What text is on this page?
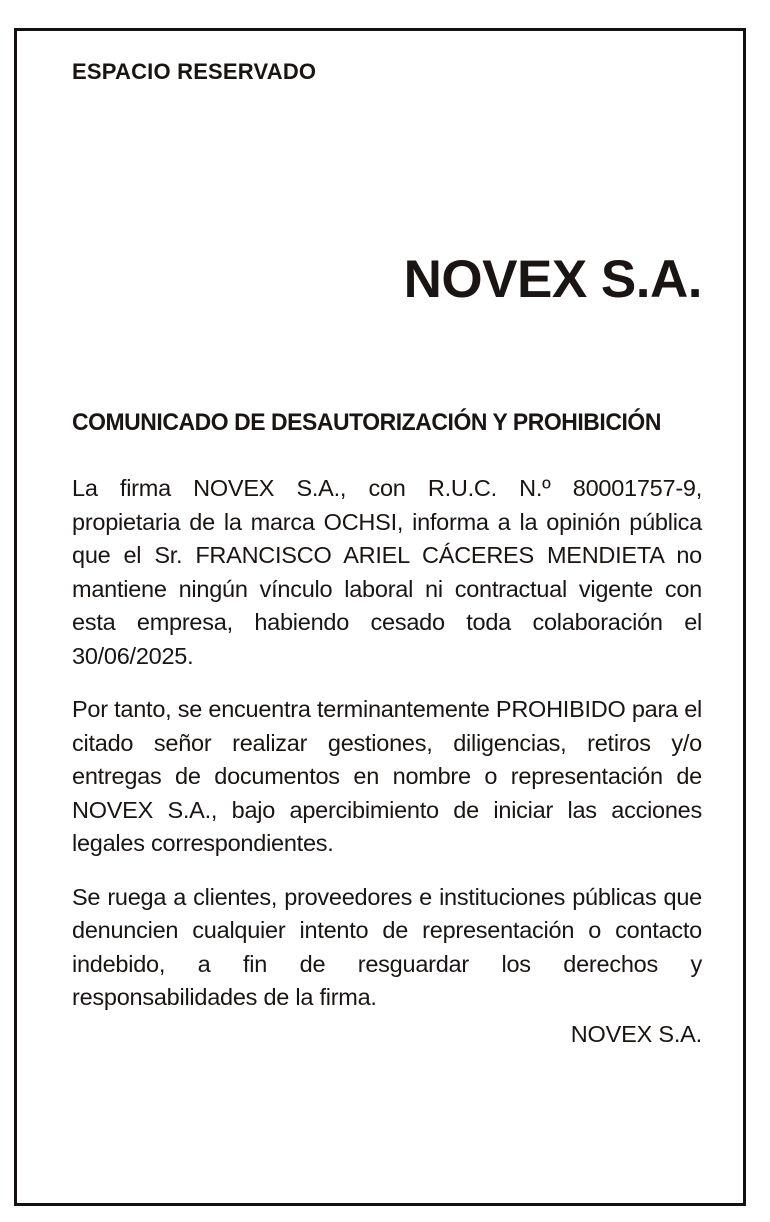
ESPACIO RESERVADO
NOVEX S.A.
COMUNICADO DE DESAUTORIZACIÓN Y PROHIBICIÓN

La firma NOVEX S.A., con R.U.C. N.º 80001757-9, propietaria de la marca OCHSI, informa a la opinión pública que el Sr. FRANCISCO ARIEL CÁCERES MENDIETA no mantiene ningún vínculo laboral ni contractual vigente con esta empresa, habiendo cesado toda colaboración el 30/06/2025.

Por tanto, se encuentra terminantemente PROHIBIDO para el citado señor realizar gestiones, diligencias, retiros y/o entregas de documentos en nombre o representación de NOVEX S.A., bajo apercibimiento de iniciar las acciones legales correspondientes.

Se ruega a clientes, proveedores e instituciones públicas que denuncien cualquier intento de representación o contacto indebido, a fin de resguardar los derechos y responsabilidades de la firma.

NOVEX S.A.
